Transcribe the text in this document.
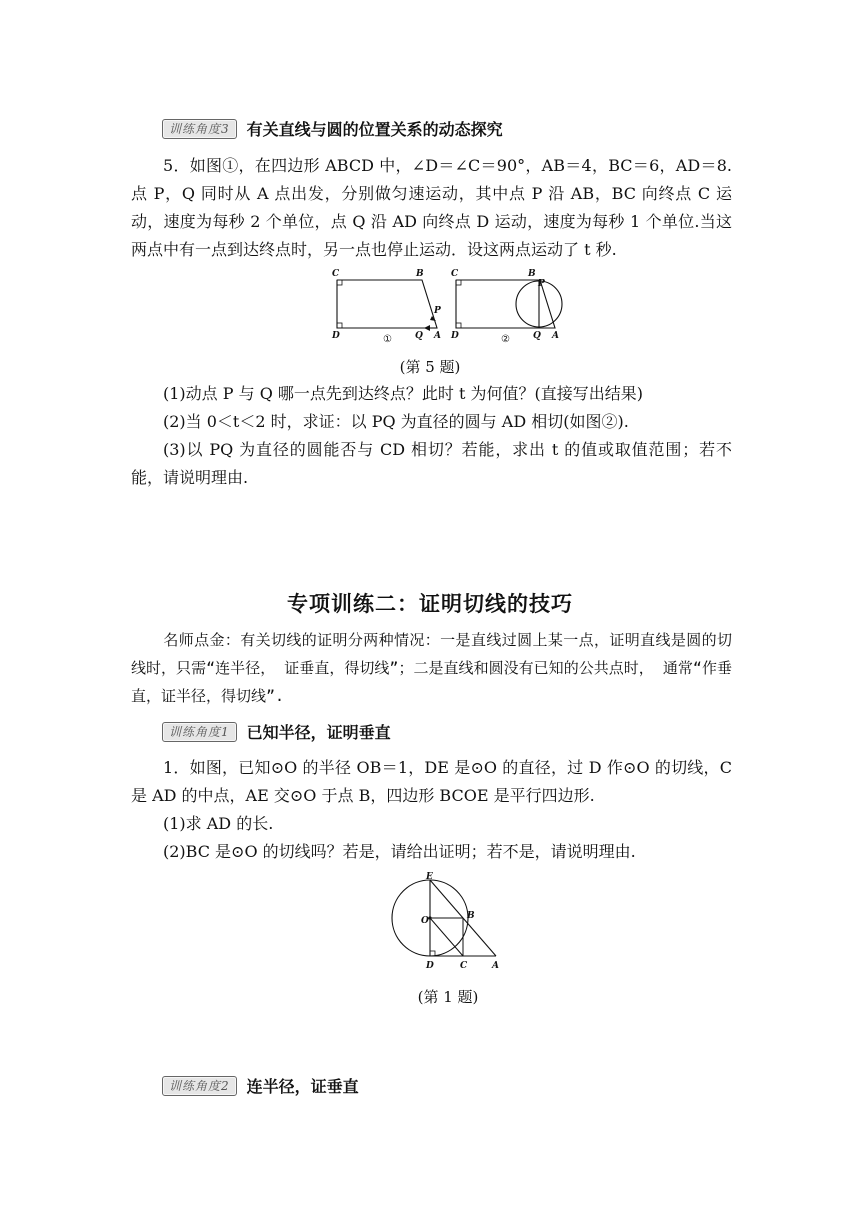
训练角度3	有关直线与圆的位置关系的动态探究
5．如图①，在四边形 ABCD 中，∠D＝∠C＝90°，AB＝4，BC＝6，AD＝8.点 P，Q 同时从 A 点出发，分别做匀速运动，其中点 P 沿 AB，BC 向终点 C 运动，速度为每秒 2 个单位，点 Q 沿 AD 向终点 D 运动，速度为每秒 1 个单位.当这两点中有一点到达终点时，另一点也停止运动．设这两点运动了 t 秒.
C	B
P
D	Q A
①
C	B
P
D	Q A
②
(第 5 题)
(1)动点 P 与 Q 哪一点先到达终点？此时 t 为何值？(直接写出结果)
(2)当 0＜t＜2 时，求证：以 PQ 为直径的圆与 AD 相切(如图②).
(3)以 PQ 为直径的圆能否与 CD 相切？若能，求出 t 的值或取值范围；若不能，请说明理由.
专项训练二：证明切线的技巧
名师点金：有关切线的证明分两种情况：一是直线过圆上某一点，证明直线是圆的切线时，只需“连半径， 证垂直，得切线”；二是直线和圆没有已知的公共点时， 通常“作垂直，证半径，得切线”.
训练角度1	已知半径，证明垂直
1．如图，已知⊙O 的半径 OB＝1，DE 是⊙O 的直径，过 D 作⊙O 的切线，C 是 AD 的中点，AE 交⊙O 于点 B，四边形 BCOE 是平行四边形.
(1)求 AD 的长.
(2)BC 是⊙O 的切线吗？若是，请给出证明；若不是，请说明理由.
E
O	B
D	C	A
(第 1 题)
训练角度2	连半径，证垂直
